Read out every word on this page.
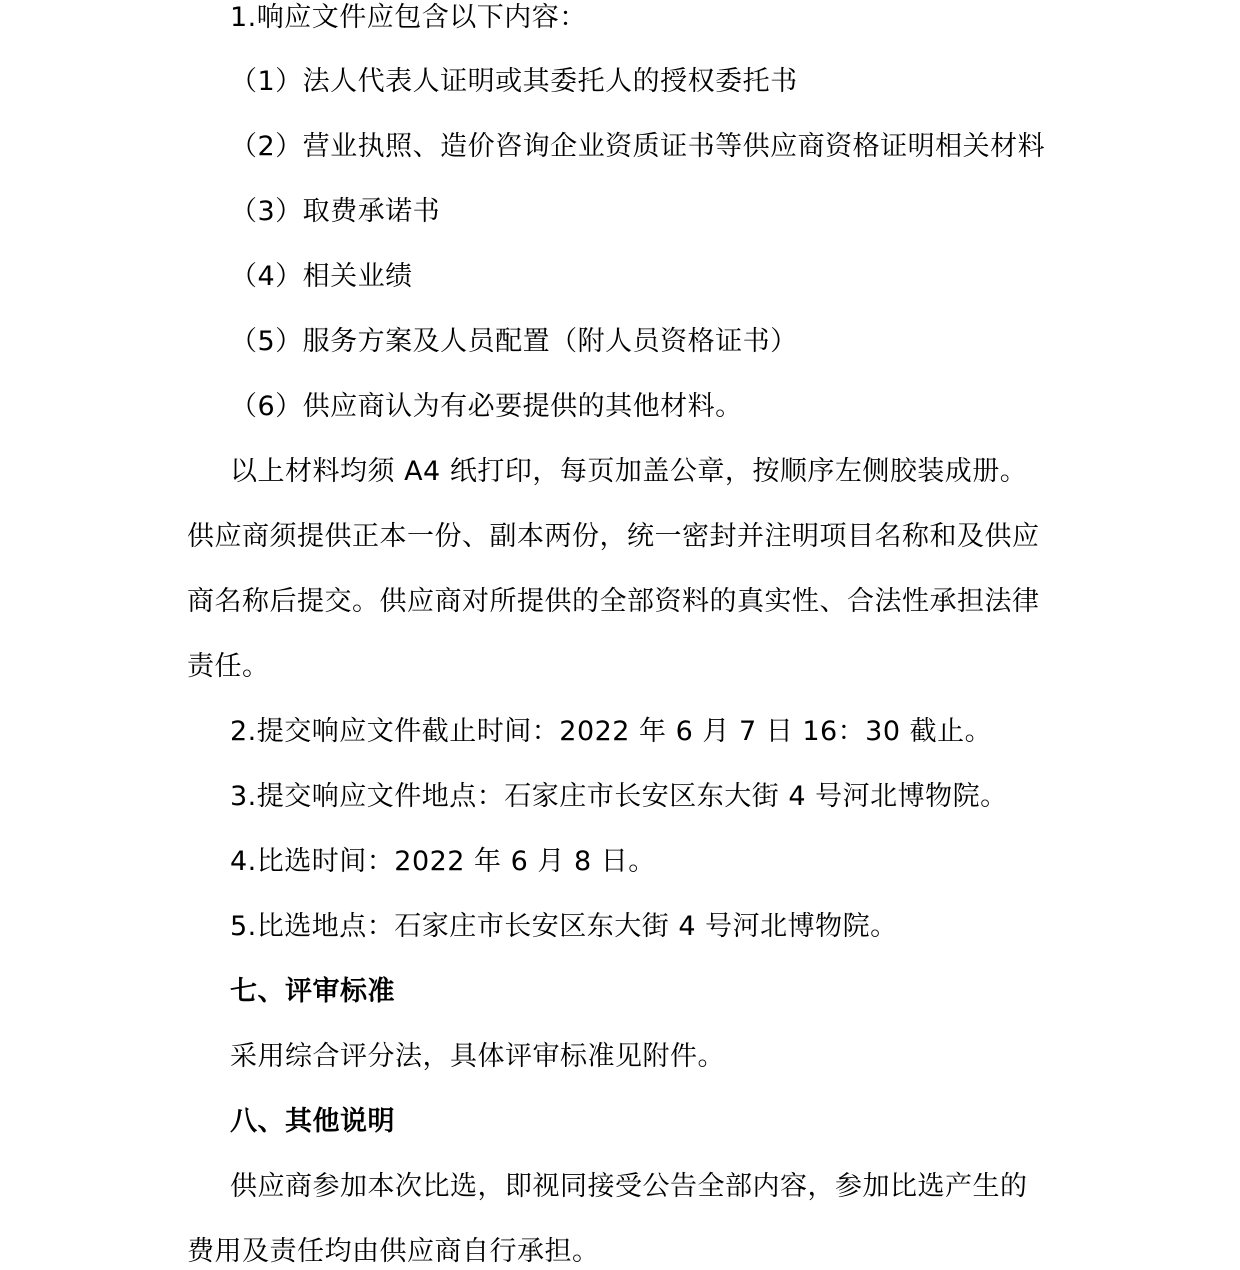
1.响应文件应包含以下内容：
（1）法人代表人证明或其委托人的授权委托书
（2）营业执照、造价咨询企业资质证书等供应商资格证明相关材料
（3）取费承诺书
（4）相关业绩
（5）服务方案及人员配置（附人员资格证书）
（6）供应商认为有必要提供的其他材料。
以上材料均须 A4 纸打印，每页加盖公章，按顺序左侧胶装成册。
供应商须提供正本一份、副本两份，统一密封并注明项目名称和及供应
商名称后提交。供应商对所提供的全部资料的真实性、合法性承担法律
责任。
2.提交响应文件截止时间：2022 年 6 月 7 日 16：30 截止。
3.提交响应文件地点：石家庄市长安区东大街 4 号河北博物院。
4.比选时间：2022 年 6 月 8 日。
5.比选地点：石家庄市长安区东大街 4 号河北博物院。
七、评审标准
采用综合评分法，具体评审标准见附件。
八、其他说明
供应商参加本次比选，即视同接受公告全部内容，参加比选产生的
费用及责任均由供应商自行承担。
